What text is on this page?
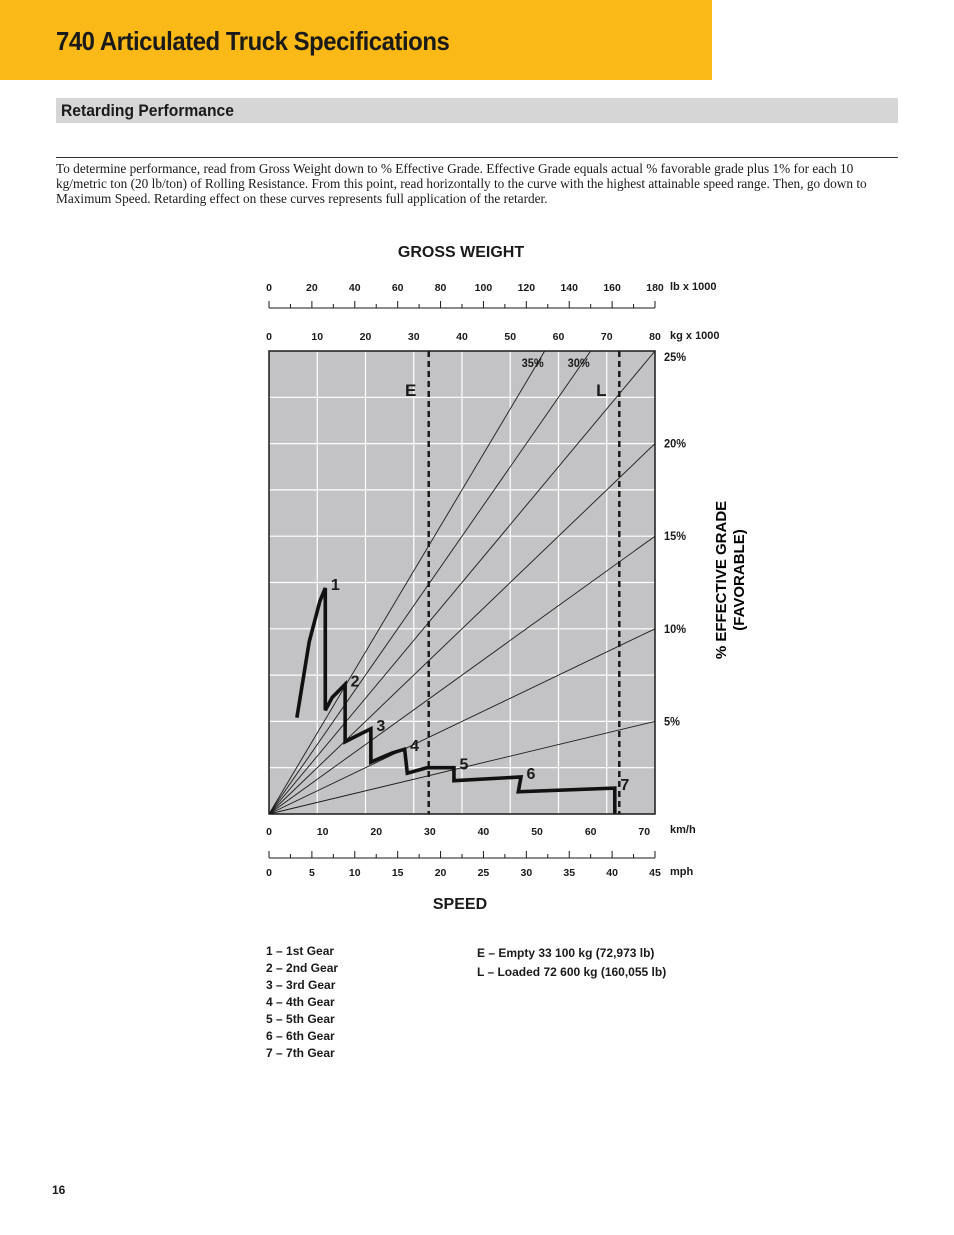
740 Articulated Truck Specifications
Retarding Performance

To determine performance, read from Gross Weight down to % Effective Grade. Effective Grade equals actual % favorable grade plus 1% for each 10 kg/metric ton (20 lb/ton) of Rolling Resistance. From this point, read horizontally to the curve with the highest attainable speed range. Then, go down to Maximum Speed. Retarding effect on these curves represents full application of the retarder.

35% 30%
E	L
1
2
3
4
5
6
7
0	20	40	60	80	100 120 140 160 180 lb x 1000
0	10	20	30	40	50	60	70	80 kg x 1000
0	10	20	30	40	50	60	70 km/h
0	5	10	15	20	25	30	35	40	45 mph
5%
10%
15%
20%
25%
GROSS WEIGHT
SPEED
% EFFECTIVE GRADE (FAVORABLE)
1 – 1st Gear
2 – 2nd Gear
3 – 3rd Gear
4 – 4th Gear
5 – 5th Gear
6 – 6th Gear
7 – 7th Gear
E – Empty 33 100 kg (72,973 lb)
L – Loaded 72 600 kg (160,055 lb)
16
